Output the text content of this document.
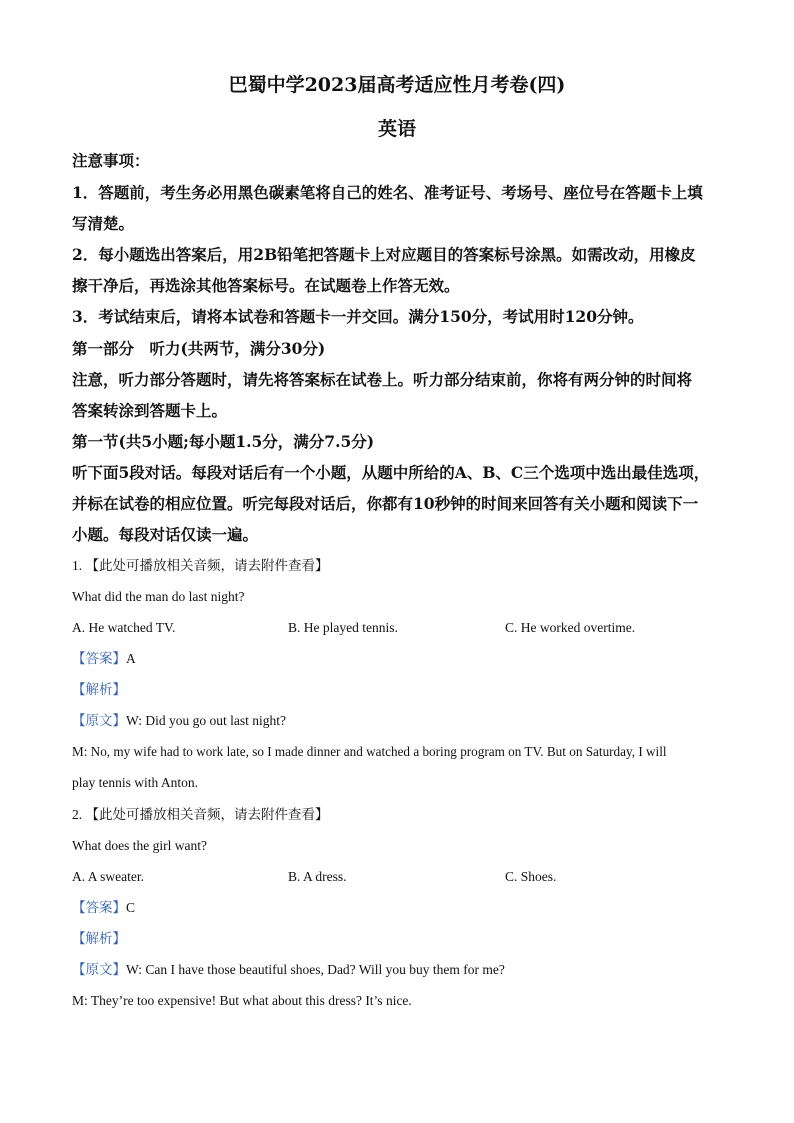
巴蜀中学2023届高考适应性月考卷(四)
英语
注意事项：
1．答题前，考生务必用黑色碳素笔将自己的姓名、准考证号、考场号、座位号在答题卡上填
写清楚。
2．每小题选出答案后，用2B铅笔把答题卡上对应题目的答案标号涂黑。如需改动，用橡皮
擦干净后，再选涂其他答案标号。在试题卷上作答无效。
3．考试结束后，请将本试卷和答题卡一并交回。满分150分，考试用时120分钟。
第一部分　听力(共两节，满分30分)
注意，听力部分答题时，请先将答案标在试卷上。听力部分结束前，你将有两分钟的时间将
答案转涂到答题卡上。
第一节(共5小题;每小题1.5分，满分7.5分)
听下面5段对话。每段对话后有一个小题，从题中所给的A、B、C三个选项中选出最佳选项，
并标在试卷的相应位置。听完每段对话后，你都有10秒钟的时间来回答有关小题和阅读下一
小题。每段对话仅读一遍。
1. 【此处可播放相关音频，请去附件查看】
What did the man do last night?
A. He watched TV.	B. He played tennis.	C. He worked overtime.
【答案】A
【解析】
【原文】W: Did you go out last night?
M: No, my wife had to work late, so I made dinner and watched a boring program on TV. But on Saturday, I will
play tennis with Anton.
2. 【此处可播放相关音频，请去附件查看】
What does the girl want?
A. A sweater.	B. A dress.	C. Shoes.
【答案】C
【解析】
【原文】W: Can I have those beautiful shoes, Dad? Will you buy them for me?
M: They’re too expensive! But what about this dress? It’s nice.
